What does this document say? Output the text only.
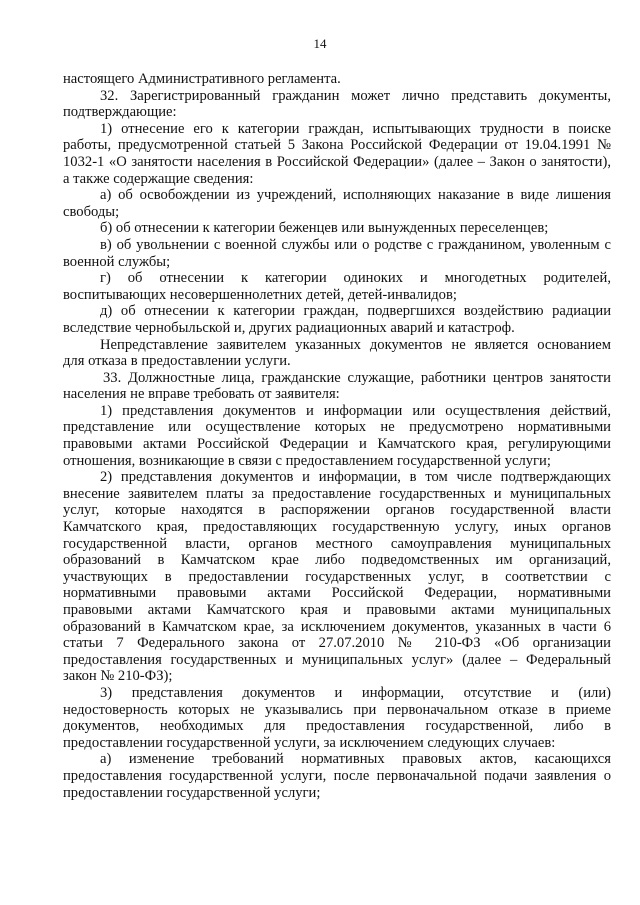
14
настоящего Административного регламента.
32. Зарегистрированный гражданин может лично представить документы,
подтверждающие:
1) отнесение его к категории граждан, испытывающих трудности в поиске
работы, предусмотренной статьей 5 Закона Российской Федерации от 19.04.1991 №
1032-1 «О занятости населения в Российской Федерации» (далее – Закон о занятости),
а также содержащие сведения:
а) об освобождении из учреждений, исполняющих наказание в виде лишения
свободы;
б) об отнесении к категории беженцев или вынужденных переселенцев;
в) об увольнении с военной службы или о родстве с гражданином, уволенным с
военной службы;
г) об отнесении к категории одиноких и многодетных родителей,
воспитывающих несовершеннолетних детей, детей-инвалидов;
д) об отнесении к категории граждан, подвергшихся воздействию радиации
вследствие чернобыльской и, других радиационных аварий и катастроф.
Непредставление заявителем указанных документов не является основанием
для отказа в предоставлении услуги.
33. Должностные лица, гражданские служащие, работники центров занятости
населения не вправе требовать от заявителя:
1) представления документов и информации или осуществления действий,
представление или осуществление которых не предусмотрено нормативными
правовыми актами Российской Федерации и Камчатского края, регулирующими
отношения, возникающие в связи с предоставлением государственной услуги;
2) представления документов и информации, в том числе подтверждающих
внесение заявителем платы за предоставление государственных и муниципальных
услуг, которые находятся в распоряжении органов государственной власти
Камчатского края, предоставляющих государственную услугу, иных органов
государственной власти, органов местного самоуправления муниципальных
образований в Камчатском крае либо подведомственных им организаций,
участвующих в предоставлении государственных услуг, в соответствии с
нормативными правовыми актами Российской Федерации, нормативными
правовыми актами Камчатского края и правовыми актами муниципальных
образований в Камчатском крае, за исключением документов, указанных в части 6
статьи 7 Федерального закона от 27.07.2010 № 210-ФЗ «Об организации
предоставления государственных и муниципальных услуг» (далее – Федеральный
закон № 210-ФЗ);
3) представления документов и информации, отсутствие и (или)
недостоверность которых не указывались при первоначальном отказе в приеме
документов, необходимых для предоставления государственной, либо в
предоставлении государственной услуги, за исключением следующих случаев:
а) изменение требований нормативных правовых актов, касающихся
предоставления государственной услуги, после первоначальной подачи заявления о
предоставлении государственной услуги;
